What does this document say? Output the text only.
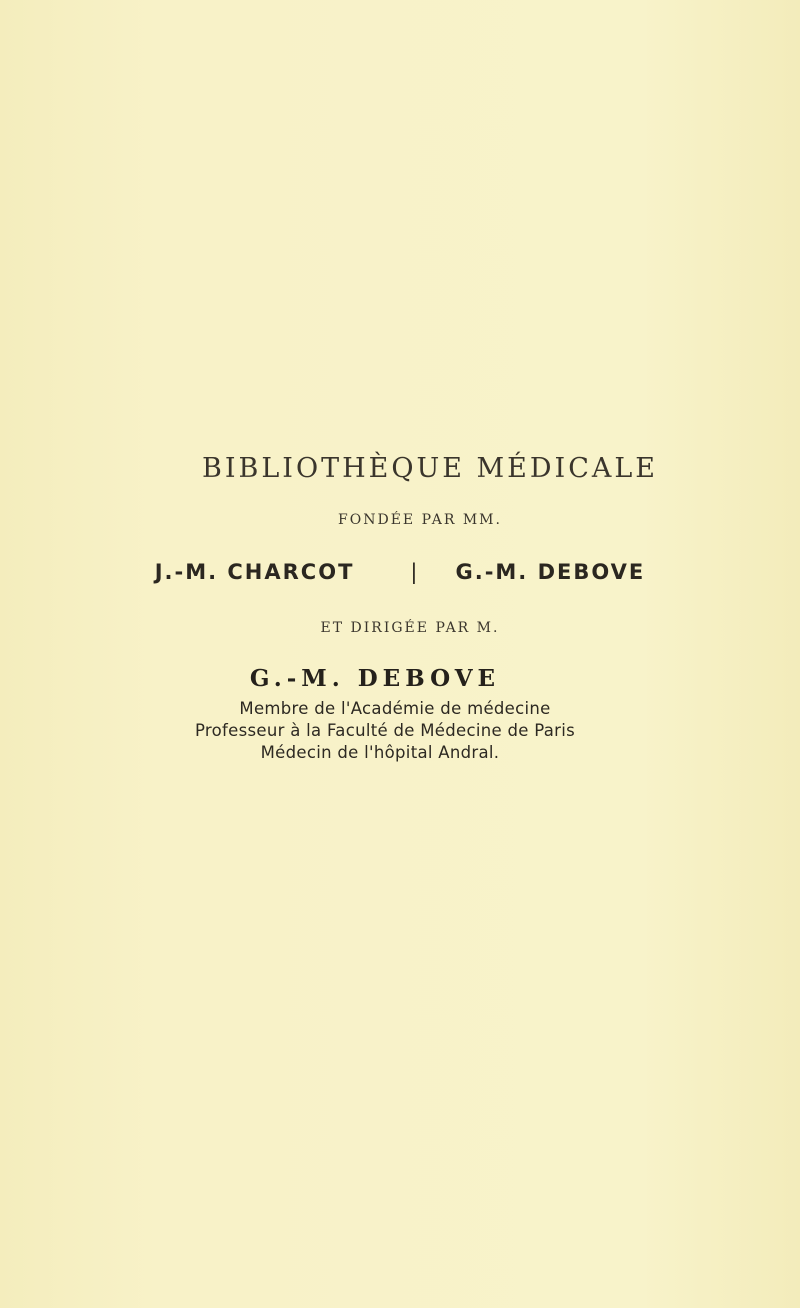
BIBLIOTHÈQUE MÉDICALE
FONDÉE PAR MM.
J.-M. CHARCOT	| G.-M. DEBOVE
ET DIRIGÉE PAR M.
G.-M. DEBOVE
Membre de l'Académie de médecine
Professeur à la Faculté de Médecine de Paris
Médecin de l'hôpital Andral.
